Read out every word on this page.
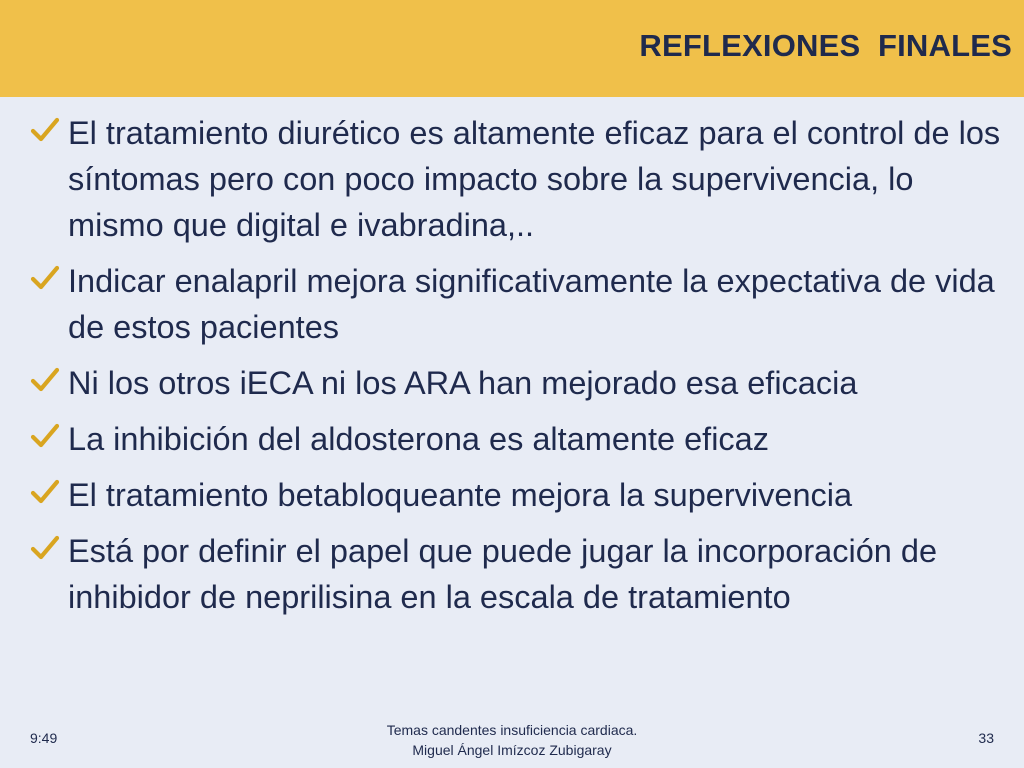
REFLEXIONES  FINALES
El tratamiento diurético es altamente eficaz para el control de los síntomas pero con poco impacto sobre la supervivencia, lo mismo que digital e ivabradina,..
Indicar enalapril mejora significativamente la expectativa de vida de estos pacientes
Ni los otros iECA ni los ARA han mejorado esa eficacia
La inhibición del aldosterona es altamente eficaz
El tratamiento betabloqueante mejora la supervivencia
Está por definir el papel que puede jugar la incorporación de inhibidor de neprilisina en la escala de tratamiento
9:49	Temas candentes insuficiencia cardiaca.
Miguel Ángel Imízcoz Zubigaray
33
